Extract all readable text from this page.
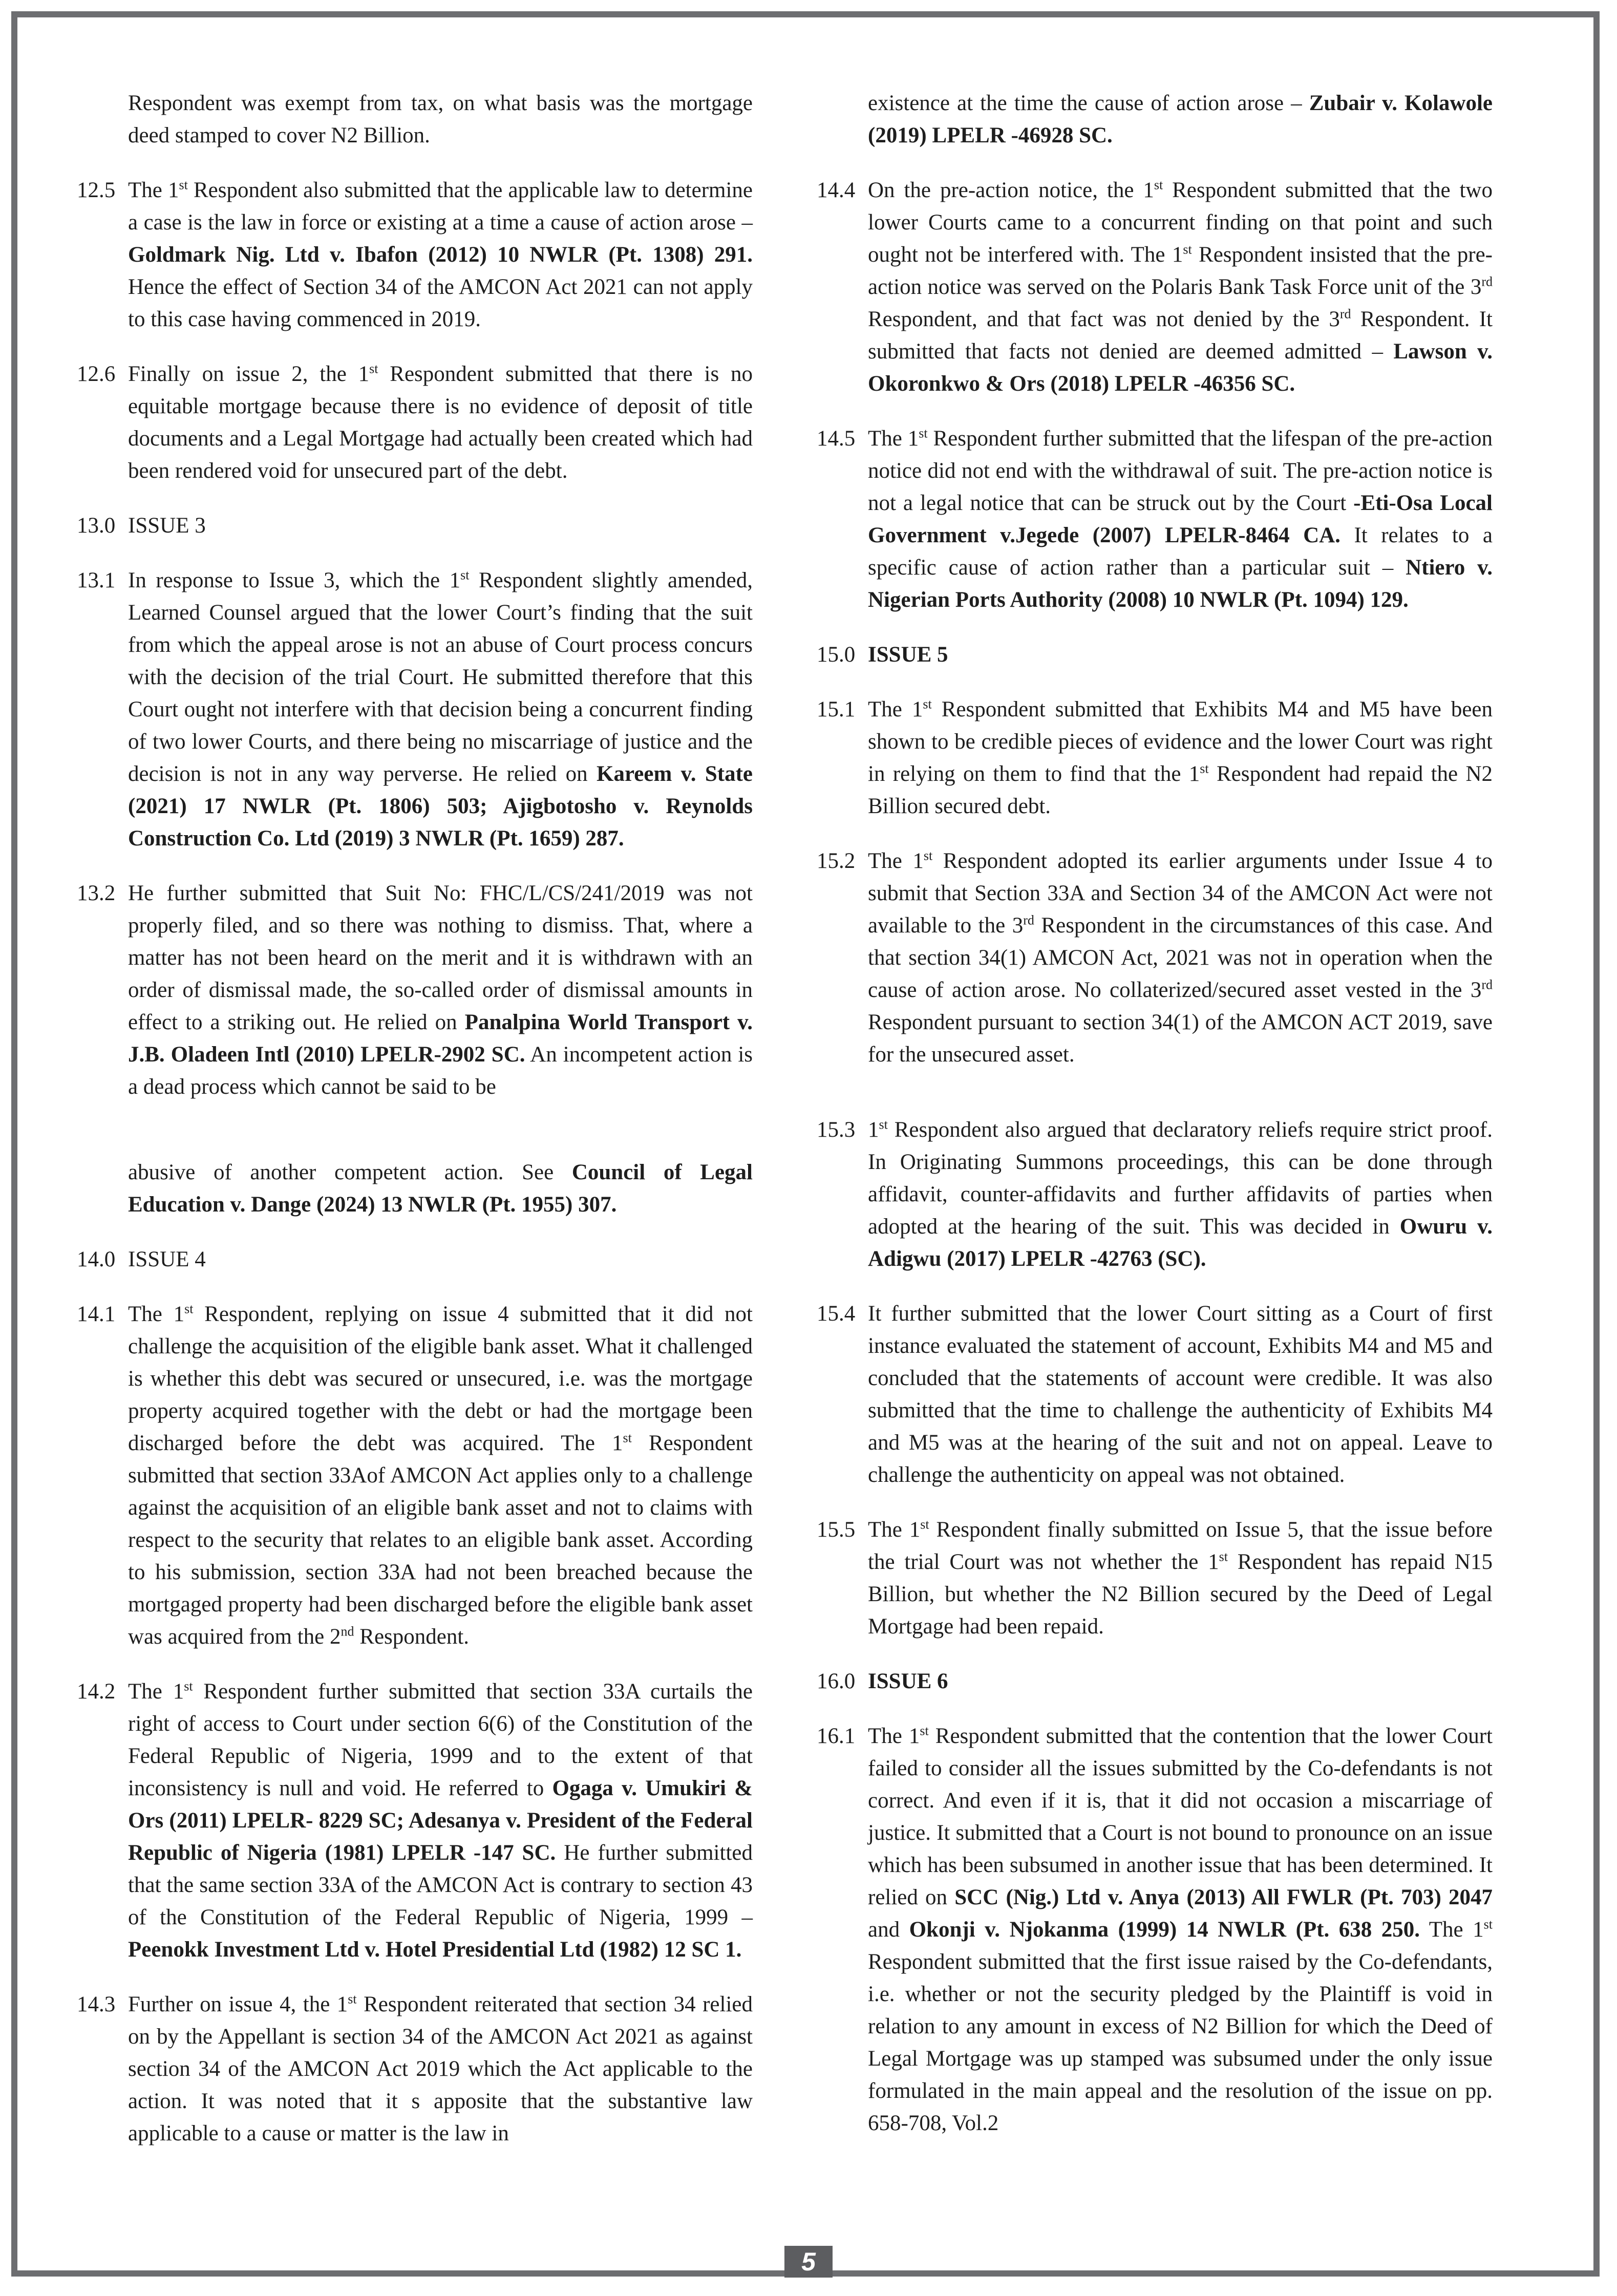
Respondent was exempt from tax, on what basis was the mortgage deed stamped to cover N2 Billion.

12.5 The 1st Respondent also submitted that the applicable law to determine a case is the law in force or existing at a time a cause of action arose – Goldmark Nig. Ltd v. Ibafon (2012) 10 NWLR (Pt. 1308) 291. Hence the effect of Section 34 of the AMCON Act 2021 can not apply to this case having commenced in 2019.

12.6 Finally on issue 2, the 1st Respondent submitted that there is no equitable mortgage because there is no evidence of deposit of title documents and a Legal Mortgage had actually been created which had been rendered void for unsecured part of the debt.

13.0 ISSUE 3

13.1 In response to Issue 3, which the 1st Respondent slightly amended, Learned Counsel argued that the lower Court’s finding that the suit from which the appeal arose is not an abuse of Court process concurs with the decision of the trial Court. He submitted therefore that this Court ought not interfere with that decision being a concurrent finding of two lower Courts, and there being no miscarriage of justice and the decision is not in any way perverse. He relied on Kareem v. State (2021) 17 NWLR (Pt. 1806) 503; Ajigbotosho v. Reynolds Construction Co. Ltd (2019) 3 NWLR (Pt. 1659) 287.

13.2 He further submitted that Suit No: FHC/L/CS/241/2019 was not properly filed, and so there was nothing to dismiss. That, where a matter has not been heard on the merit and it is withdrawn with an order of dismissal made, the so-called order of dismissal amounts in effect to a striking out. He relied on Panalpina World Transport v. J.B. Oladeen Intl (2010) LPELR-2902 SC. An incompetent action is a dead process which cannot be said to be

abusive of another competent action. See Council of Legal Education v. Dange (2024) 13 NWLR (Pt. 1955) 307.

14.0 ISSUE 4

14.1 The 1st Respondent, replying on issue 4 submitted that it did not challenge the acquisition of the eligible bank asset. What it challenged is whether this debt was secured or unsecured, i.e. was the mortgage property acquired together with the debt or had the mortgage been discharged before the debt was acquired. The 1st Respondent submitted that section 33Aof AMCON Act applies only to a challenge against the acquisition of an eligible bank asset and not to claims with respect to the security that relates to an eligible bank asset. According to his submission, section 33A had not been breached because the mortgaged property had been discharged before the eligible bank asset was acquired from the 2nd Respondent.

14.2 The 1st Respondent further submitted that section 33A curtails the right of access to Court under section 6(6) of the Constitution of the Federal Republic of Nigeria, 1999 and to the extent of that inconsistency is null and void. He referred to Ogaga v. Umukiri & Ors (2011) LPELR- 8229 SC; Adesanya v. President of the Federal Republic of Nigeria (1981) LPELR -147 SC. He further submitted that the same section 33A of the AMCON Act is contrary to section 43 of the Constitution of the Federal Republic of Nigeria, 1999 – Peenokk Investment Ltd v. Hotel Presidential Ltd (1982) 12 SC 1.

14.3 Further on issue 4, the 1st Respondent reiterated that section 34 relied on by the Appellant is section 34 of the AMCON Act 2021 as against section 34 of the AMCON Act 2019 which the Act applicable to the action. It was noted that it s apposite that the substantive law applicable to a cause or matter is the law in

existence at the time the cause of action arose – Zubair v. Kolawole (2019) LPELR -46928 SC.

14.4 On the pre-action notice, the 1st Respondent submitted that the two lower Courts came to a concurrent finding on that point and such ought not be interfered with. The 1st Respondent insisted that the pre-action notice was served on the Polaris Bank Task Force unit of the 3rd Respondent, and that fact was not denied by the 3rd Respondent. It submitted that facts not denied are deemed admitted – Lawson v. Okoronkwo & Ors (2018) LPELR -46356 SC.

14.5 The 1st Respondent further submitted that the lifespan of the pre-action notice did not end with the withdrawal of suit. The pre-action notice is not a legal notice that can be struck out by the Court -Eti-Osa Local Government v.Jegede (2007) LPELR-8464 CA. It relates to a specific cause of action rather than a particular suit – Ntiero v. Nigerian Ports Authority (2008) 10 NWLR (Pt. 1094) 129.

15.0 ISSUE 5

15.1 The 1st Respondent submitted that Exhibits M4 and M5 have been shown to be credible pieces of evidence and the lower Court was right in relying on them to find that the 1st Respondent had repaid the N2 Billion secured debt.

15.2 The 1st Respondent adopted its earlier arguments under Issue 4 to submit that Section 33A and Section 34 of the AMCON Act were not available to the 3rd Respondent in the circumstances of this case. And that section 34(1) AMCON Act, 2021 was not in operation when the cause of action arose. No collaterized/secured asset vested in the 3rd Respondent pursuant to section 34(1) of the AMCON ACT 2019, save for the unsecured asset.

15.3 1st Respondent also argued that declaratory reliefs require strict proof. In Originating Summons proceedings, this can be done through affidavit, counter-affidavits and further affidavits of parties when adopted at the hearing of the suit. This was decided in Owuru v. Adigwu (2017) LPELR -42763 (SC).

15.4 It further submitted that the lower Court sitting as a Court of first instance evaluated the statement of account, Exhibits M4 and M5 and concluded that the statements of account were credible. It was also submitted that the time to challenge the authenticity of Exhibits M4 and M5 was at the hearing of the suit and not on appeal. Leave to challenge the authenticity on appeal was not obtained.

15.5 The 1st Respondent finally submitted on Issue 5, that the issue before the trial Court was not whether the 1st Respondent has repaid N15 Billion, but whether the N2 Billion secured by the Deed of Legal Mortgage had been repaid.

16.0 ISSUE 6

16.1 The 1st Respondent submitted that the contention that the lower Court failed to consider all the issues submitted by the Co-defendants is not correct. And even if it is, that it did not occasion a miscarriage of justice. It submitted that a Court is not bound to pronounce on an issue which has been subsumed in another issue that has been determined. It relied on SCC (Nig.) Ltd v. Anya (2013) All FWLR (Pt. 703) 2047 and Okonji v. Njokanma (1999) 14 NWLR (Pt. 638 250. The 1st Respondent submitted that the first issue raised by the Co-defendants, i.e. whether or not the security pledged by the Plaintiff is void in relation to any amount in excess of N2 Billion for which the Deed of Legal Mortgage was up stamped was subsumed under the only issue formulated in the main appeal and the resolution of the issue on pp. 658-708, Vol.2

5
